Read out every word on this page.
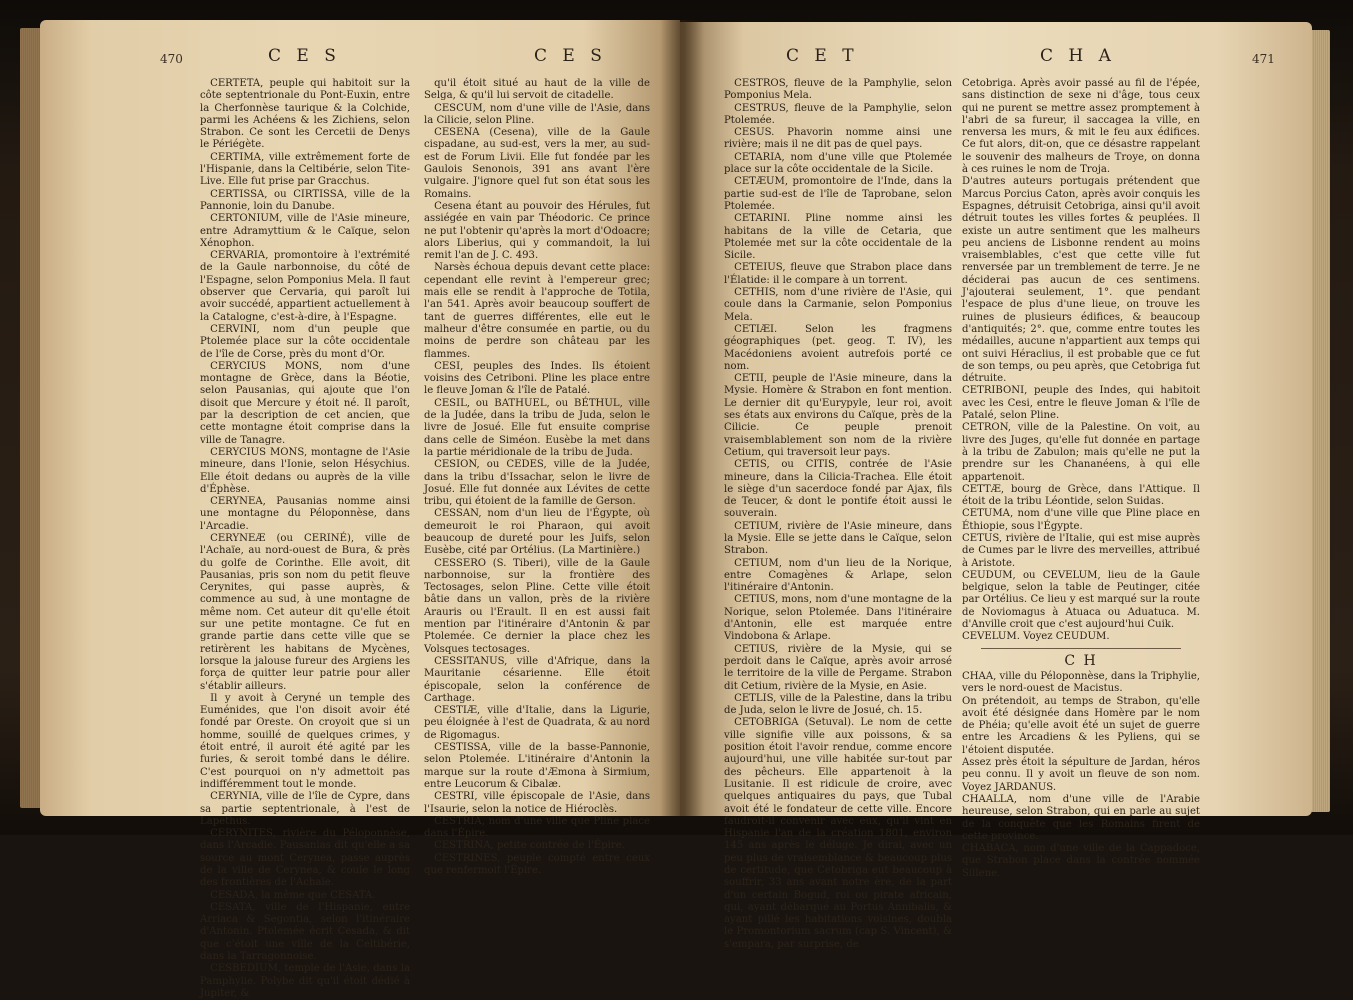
470	C E S	C E S	C E T	C H A	471

CERTETA, peuple qui habitoit sur la côte septentrionale du Pont-Euxin, entre la Cherfonnèse taurique & la Colchide, parmi les Achéens & les Zichiens, selon Strabon. Ce sont les Cercetii de Denys le Périégète.

CERTIMA, ville extrêmement forte de l'Hispanie, dans la Celtibérie, selon Tite-Live. Elle fut prise par Gracchus.

CERTISSA, ou CIRTISSA, ville de la Pannonie, loin du Danube.

CERTONIUM, ville de l'Asie mineure, entre Adramyttium & le Caïque, selon Xénophon.

CERVARIA, promontoire à l'extrémité de la Gaule narbonnoise, du côté de l'Espagne, selon Pomponius Mela. Il faut observer que Cervaria, qui paroît lui avoir succédé, appartient actuellement à la Catalogne, c'est-à-dire, à l'Espagne.

CERVINI, nom d'un peuple que Ptolemée place sur la côte occidentale de l'île de Corse, près du mont d'Or.

CERYCIUS MONS, nom d'une montagne de Grèce, dans la Béotie, selon Pausanias, qui ajoute que l'on disoit que Mercure y étoit né. Il paroît, par la description de cet ancien, que cette montagne étoit comprise dans la ville de Tanagre.

CERYCIUS MONS, montagne de l'Asie mineure, dans l'Ionie, selon Hésychius. Elle étoit dedans ou auprès de la ville d'Éphèse.

CERYNEA, Pausanias nomme ainsi une montagne du Péloponnèse, dans l'Arcadie.

CERYNEÆ (ou CERINÉ), ville de l'Achaïe, au nord-ouest de Bura, & près du golfe de Corinthe. Elle avoit, dit Pausanias, pris son nom du petit fleuve Cerynites, qui passe auprès, & commence au sud, à une montagne de même nom. Cet auteur dit qu'elle étoit sur une petite montagne. Ce fut en grande partie dans cette ville que se retirèrent les habitans de Mycènes, lorsque la jalouse fureur des Argiens les força de quitter leur patrie pour aller s'établir ailleurs.

Il y avoit à Ceryné un temple des Euménides, que l'on disoit avoir été fondé par Oreste. On croyoit que si un homme, souillé de quelques crimes, y étoit entré, il auroit été agité par les furies, & seroit tombé dans le délire. C'est pourquoi on n'y admettoit pas indifféremment tout le monde.

CERYNIA, ville de l'île de Cypre, dans sa partie septentrionale, à l'est de Lapethus.

CERYNITES, rivière du Péloponnèse, dans l'Arcadie. Pausanias dit qu'elle a sa source au mont Cerynea, passe auprès de la ville de Cerynea, & coule le long des frontières de l'Achaïe.

CESADA, la même que CESATA.

CESATA, ville de l'Hispanie, entre Arriaca & Segontia, selon l'itinéraire d'Antonin. Ptolemée écrit Cesada, & dit que c'étoit une ville de la Celtibérie, dans la Tarragonnoise.

CESBEDIUM, temple de l'Asie, dans la Pamphylie. Polybe dit qu'il étoit dédié à Jupiter, &

qu'il étoit situé au haut de la ville de Selga, & qu'il lui servoit de citadelle.

CESCUM, nom d'une ville de l'Asie, dans la Cilicie, selon Pline.

CESENA (Cesena), ville de la Gaule cispadane, au sud-est, vers la mer, au sud-est de Forum Livii. Elle fut fondée par les Gaulois Senonois, 391 ans avant l'ère vulgaire. J'ignore quel fut son état sous les Romains.

Cesena étant au pouvoir des Hérules, fut assiégée en vain par Théodoric. Ce prince ne put l'obtenir qu'après la mort d'Odoacre; alors Liberius, qui y commandoit, la lui remit l'an de J. C. 493.

Narsès échoua depuis devant cette place: cependant elle revint à l'empereur grec; mais elle se rendit à l'approche de Totila, l'an 541. Après avoir beaucoup souffert de tant de guerres différentes, elle eut le malheur d'être consumée en partie, ou du moins de perdre son château par les flammes.

CESI, peuples des Indes. Ils étoient voisins des Cetriboni. Pline les place entre le fleuve Joman & l'île de Patalé.

CESIL, ou BATHUEL, ou BÉTHUL, ville de la Judée, dans la tribu de Juda, selon le livre de Josué. Elle fut ensuite comprise dans celle de Siméon. Eusèbe la met dans la partie méridionale de la tribu de Juda.

CESION, ou CEDES, ville de la Judée, dans la tribu d'Issachar, selon le livre de Josué. Elle fut donnée aux Lévites de cette tribu, qui étoient de la famille de Gerson.

CESSAN, nom d'un lieu de l'Égypte, où demeuroit le roi Pharaon, qui avoit beaucoup de dureté pour les Juifs, selon Eusèbe, cité par Ortélius. (La Martinière.)

CESSERO (S. Tiberi), ville de la Gaule narbonnoise, sur la frontière des Tectosages, selon Pline. Cette ville étoit bâtie dans un vallon, près de la rivière Arauris ou l'Erault. Il en est aussi fait mention par l'itinéraire d'Antonin & par Ptolemée. Ce dernier la place chez les Volsques tectosages.

CESSITANUS, ville d'Afrique, dans la Mauritanie césarienne. Elle étoit épiscopale, selon la conférence de Carthage.

CESTIÆ, ville d'Italie, dans la Ligurie, peu éloignée à l'est de Quadrata, & au nord de Rigomagus.

CESTISSA, ville de la basse-Pannonie, selon Ptolemée. L'itinéraire d'Antonin la marque sur la route d'Æmona à Sirmium, entre Leucorum & Cibalæ.

CESTRI, ville épiscopale de l'Asie, dans l'Isaurie, selon la notice de Hiéroclès.

CESTRIA, nom d'une ville que Pline place dans l'Épire.

CESTRINA, petite contrée de l'Épire.

CESTRINES, peuple compté entre ceux que renfermoit l'Épire.

CESTROS, fleuve de la Pamphylie, selon Pomponius Mela.

CESTRUS, fleuve de la Pamphylie, selon Ptolemée.

CESUS. Phavorin nomme ainsi une rivière; mais il ne dit pas de quel pays.

CETARIA, nom d'une ville que Ptolemée place sur la côte occidentale de la Sicile.

CETÆUM, promontoire de l'Inde, dans la partie sud-est de l'île de Taprobane, selon Ptolemée.

CETARINI. Pline nomme ainsi les habitans de la ville de Cetaria, que Ptolemée met sur la côte occidentale de la Sicile.

CETEIUS, fleuve que Strabon place dans l'Élatide: il le compare à un torrent.

CETHIS, nom d'une rivière de l'Asie, qui coule dans la Carmanie, selon Pomponius Mela.

CETIÆI. Selon les fragmens géographiques (pet. geog. T. IV), les Macédoniens avoient autrefois porté ce nom.

CETII, peuple de l'Asie mineure, dans la Mysie. Homère & Strabon en font mention. Le dernier dit qu'Eurypyle, leur roi, avoit ses états aux environs du Caïque, près de la Cilicie. Ce peuple prenoit vraisemblablement son nom de la rivière Cetium, qui traversoit leur pays.

CETIS, ou CITIS, contrée de l'Asie mineure, dans la Cilicia-Trachea. Elle étoit le siège d'un sacerdoce fondé par Ajax, fils de Teucer, & dont le pontife étoit aussi le souverain.

CETIUM, rivière de l'Asie mineure, dans la Mysie. Elle se jette dans le Caïque, selon Strabon.

CETIUM, nom d'un lieu de la Norique, entre Comagènes & Arlape, selon l'itinéraire d'Antonin.

CETIUS, mons, nom d'une montagne de la Norique, selon Ptolemée. Dans l'itinéraire d'Antonin, elle est marquée entre Vindobona & Arlape.

CETIUS, rivière de la Mysie, qui se perdoit dans le Caïque, après avoir arrosé le territoire de la ville de Pergame. Strabon dit Cetium, rivière de la Mysie, en Asie.

CETLIS, ville de la Palestine, dans la tribu de Juda, selon le livre de Josué, ch. 15.

CETOBRIGA (Setuval). Le nom de cette ville signifie ville aux poissons, & sa position étoit l'avoir rendue, comme encore aujourd'hui, une ville habitée sur-tout par des pêcheurs. Elle appartenoit à la Lusitanie. Il est ridicule de croire, avec quelques antiquaires du pays, que Tubal avoit été le fondateur de cette ville. Encore faudroit-il convenir avec eux, qu'il vint en Hispanie l'an de la création 1801, environ 145 ans après le déluge. Je dirai, avec un peu plus de vraisemblance & beaucoup plus de certitude, que Cetobriga eut beaucoup à souffrir, 33 ans avant notre ère, de la part d'un certain Bogud, roi ou pirate africain, qui, ayant débarqué au Portus Annibalis, & ayant pillé les habitations voisines, doubla le Promontorium sacrum (cap S. Vincent), & s'empara, par surprise, de

Cetobriga. Après avoir passé au fil de l'épée, sans distinction de sexe ni d'âge, tous ceux qui ne purent se mettre assez promptement à l'abri de sa fureur, il saccagea la ville, en renversa les murs, & mit le feu aux édifices. Ce fut alors, dit-on, que ce désastre rappelant le souvenir des malheurs de Troye, on donna à ces ruines le nom de Troja.

D'autres auteurs portugais prétendent que Marcus Porcius Caton, après avoir conquis les Espagnes, détruisit Cetobriga, ainsi qu'il avoit détruit toutes les villes fortes & peuplées. Il existe un autre sentiment que les malheurs peu anciens de Lisbonne rendent au moins vraisemblables, c'est que cette ville fut renversée par un tremblement de terre. Je ne déciderai pas aucun de ces sentimens. J'ajouterai seulement, 1°. que pendant l'espace de plus d'une lieue, on trouve les ruines de plusieurs édifices, & beaucoup d'antiquités; 2°. que, comme entre toutes les médailles, aucune n'appartient aux temps qui ont suivi Héraclius, il est probable que ce fut de son temps, ou peu après, que Cetobriga fut détruite.

CETRIBONI, peuple des Indes, qui habitoit avec les Cesi, entre le fleuve Joman & l'île de Patalé, selon Pline.

CETRON, ville de la Palestine. On voit, au livre des Juges, qu'elle fut donnée en partage à la tribu de Zabulon; mais qu'elle ne put la prendre sur les Chananéens, à qui elle appartenoit.

CETTÆ, bourg de Grèce, dans l'Attique. Il étoit de la tribu Léontide, selon Suidas.

CETUMA, nom d'une ville que Pline place en Éthiopie, sous l'Égypte.

CETUS, rivière de l'Italie, qui est mise auprès de Cumes par le livre des merveilles, attribué à Aristote.

CEUDUM, ou CEVELUM, lieu de la Gaule belgique, selon la table de Peutinger, citée par Ortélius. Ce lieu y est marqué sur la route de Noviomagus à Atuaca ou Aduatuca. M. d'Anville croit que c'est aujourd'hui Cuik.

CEVELUM. Voyez CEUDUM.

C H

CHAA, ville du Péloponnèse, dans la Triphylie, vers le nord-ouest de Macistus.

On prétendoit, au temps de Strabon, qu'elle avoit été désignée dans Homère par le nom de Phéia; qu'elle avoit été un sujet de guerre entre les Arcadiens & les Pyliens, qui se l'étoient disputée.

Assez près étoit la sépulture de Jardan, héros peu connu. Il y avoit un fleuve de son nom. Voyez JARDANUS.

CHAALLA, nom d'une ville de l'Arabie heureuse, selon Strabon, qui en parle au sujet de la conquête que les Romains firent de cette province.

CHABACA, nom d'une ville de la Cappadoce, que Strabon place dans la contrée nommée Sillene.
